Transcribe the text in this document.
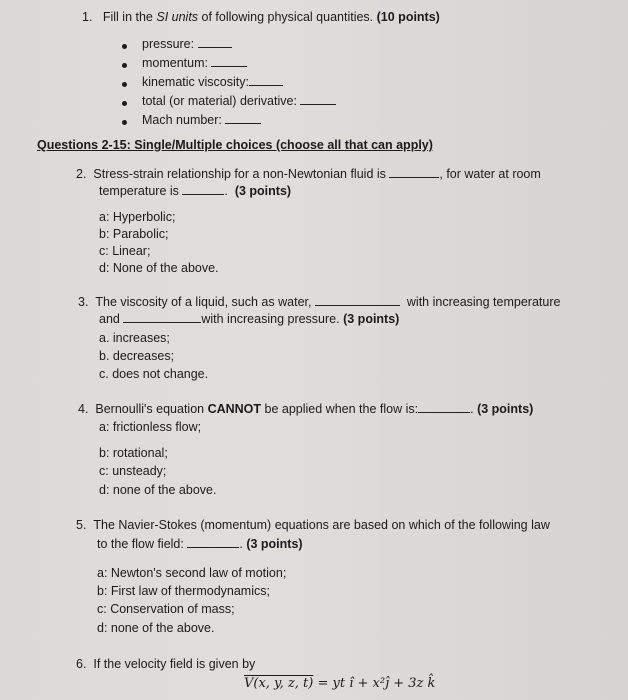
1. Fill in the SI units of following physical quantities. (10 points)
pressure:
momentum:
kinematic viscosity:
total (or material) derivative:
Mach number:
Questions 2-15: Single/Multiple choices (choose all that can apply)
2. Stress-strain relationship for a non-Newtonian fluid is	, for water at room
temperature is	. (3 points)
a: Hyperbolic;
b: Parabolic;
c: Linear;
d: None of the above.
3. The viscosity of a liquid, such as water,	with increasing temperature
and	with increasing pressure. (3 points)
a. increases;
b. decreases;
c. does not change.
4. Bernoulli's equation CANNOT be applied when the flow is:	. (3 points)
a: frictionless flow;
b: rotational;
c: unsteady;
d: none of the above.
5. The Navier-Stokes (momentum) equations are based on which of the following law
to the flow field:	. (3 points)
a: Newton's second law of motion;
b: First law of thermodynamics;
c: Conservation of mass;
d: none of the above.
6. If the velocity field is given by
V(x, y, z, t) = yt î + x²ĵ + 3z k̂
